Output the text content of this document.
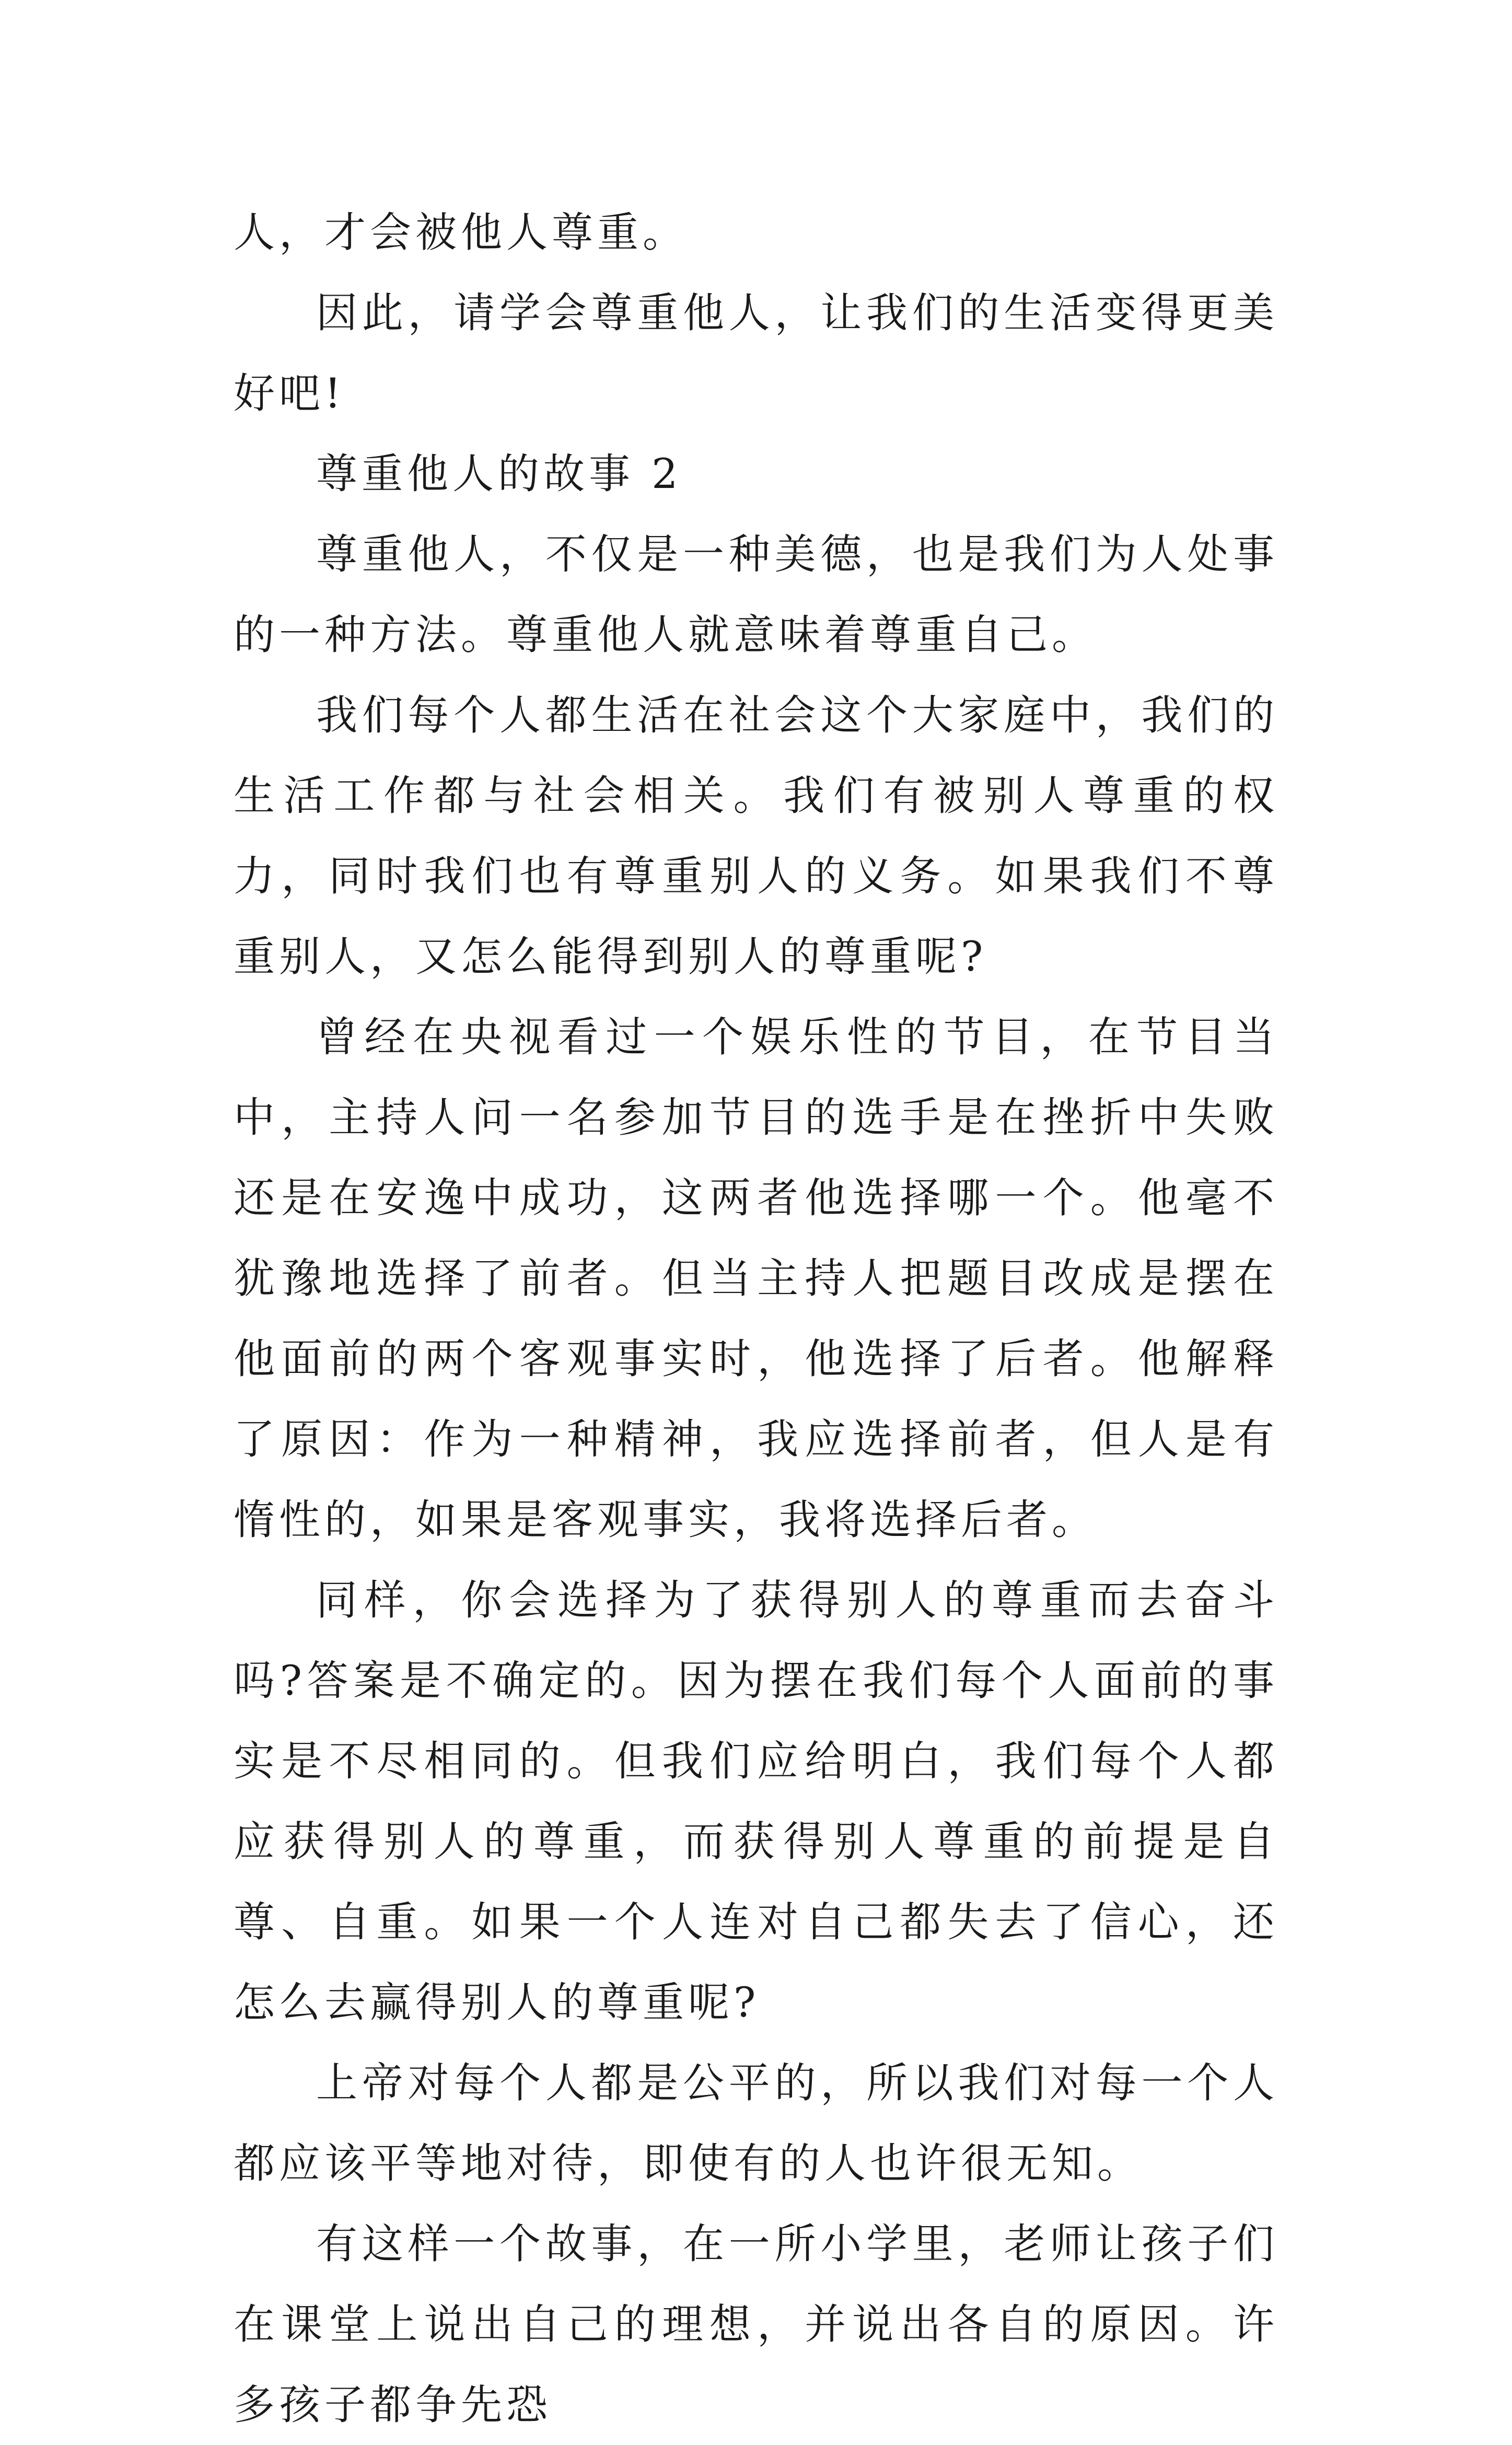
人，才会被他人尊重。

因此，请学会尊重他人，让我们的生活变得更美好吧!

尊重他人的故事 2

尊重他人，不仅是一种美德，也是我们为人处事的一种方法。尊重他人就意味着尊重自己。

我们每个人都生活在社会这个大家庭中，我们的生活工作都与社会相关。我们有被别人尊重的权力，同时我们也有尊重别人的义务。如果我们不尊重别人，又怎么能得到别人的尊重呢?

曾经在央视看过一个娱乐性的节目，在节目当中，主持人问一名参加节目的选手是在挫折中失败还是在安逸中成功，这两者他选择哪一个。他毫不犹豫地选择了前者。但当主持人把题目改成是摆在他面前的两个客观事实时，他选择了后者。他解释了原因：作为一种精神，我应选择前者，但人是有惰性的，如果是客观事实，我将选择后者。

同样，你会选择为了获得别人的尊重而去奋斗吗?答案是不确定的。因为摆在我们每个人面前的事实是不尽相同的。但我们应给明白，我们每个人都应获得别人的尊重，而获得别人尊重的前提是自尊、自重。如果一个人连对自己都失去了信心，还怎么去赢得别人的尊重呢?

上帝对每个人都是公平的，所以我们对每一个人都应该平等地对待，即使有的人也许很无知。

有这样一个故事，在一所小学里，老师让孩子们在课堂上说出自己的理想，并说出各自的原因。许多孩子都争先恐
